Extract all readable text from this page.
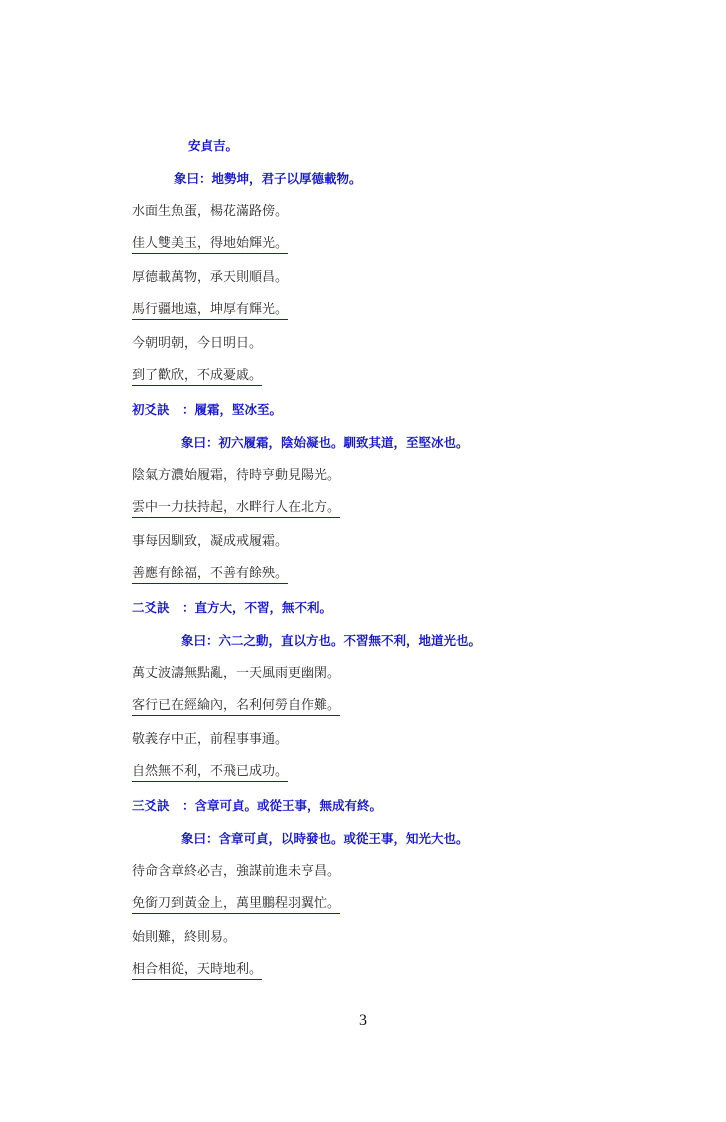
安貞吉。
象曰：地勢坤，君子以厚德載物。
水面生魚蛋，楊花滿路傍。
佳人雙美玉，得地始輝光。
厚德載萬物，承天則順昌。
馬行疆地遠，坤厚有輝光。
今朝明朝，今日明日。
到了歡欣，不成憂戚。
初爻訣　：履霜，堅冰至。
象曰：初六履霜，陰始凝也。馴致其道，至堅冰也。
陰氣方濃始履霜，待時亨動見陽光。
雲中一力扶持起，水畔行人在北方。
事每因馴致，凝成戒履霜。
善應有餘福，不善有餘殃。
二爻訣　：直方大，不習，無不利。
象曰：六二之動，直以方也。不習無不利，地道光也。
萬丈波濤無點亂，一天風雨更幽閑。
客行已在經綸內，名利何勞自作難。
敬義存中正，前程事事通。
自然無不利，不飛已成功。
三爻訣　：含章可貞。或從王事，無成有終。
象曰：含章可貞，以時發也。或從王事，知光大也。
待命含章終必吉，強謀前進未亨昌。
免銜刀到黃金上，萬里鵬程羽翼忙。
始則難，終則易。
相合相從，天時地利。
3
